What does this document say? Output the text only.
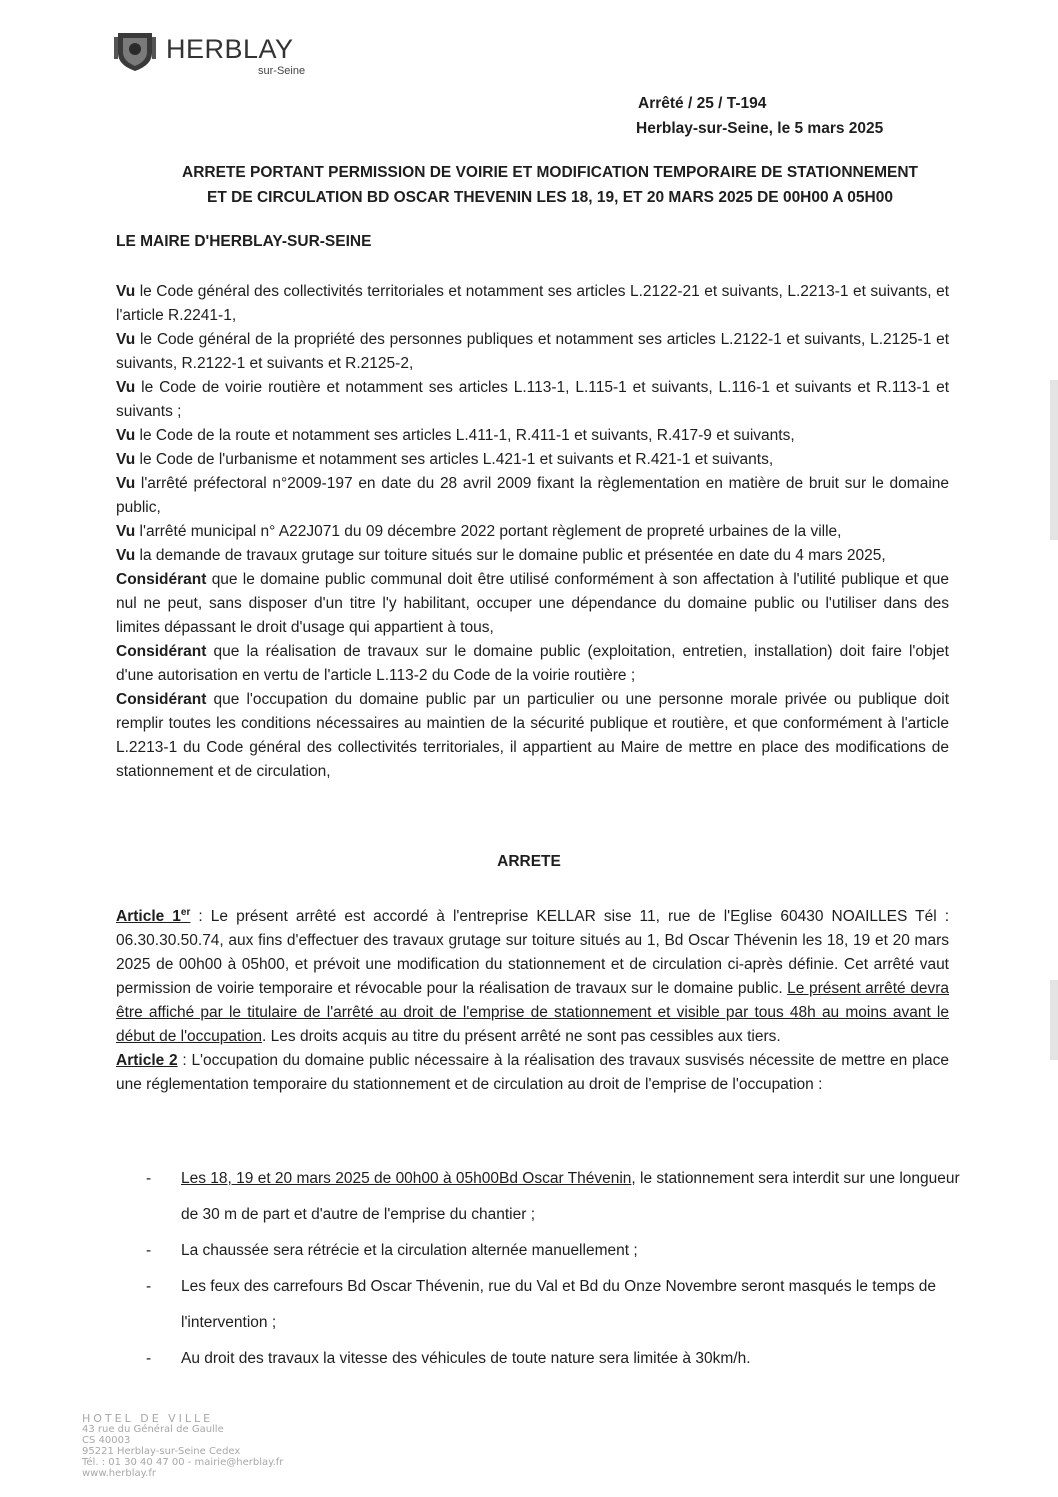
HERBLAY
sur-Seine
Arrêté / 25 / T-194
Herblay-sur-Seine, le 5 mars 2025
ARRETE PORTANT PERMISSION DE VOIRIE ET MODIFICATION TEMPORAIRE DE STATIONNEMENT
ET DE CIRCULATION BD OSCAR THEVENIN LES 18, 19, ET 20 MARS 2025 DE 00H00 A 05H00
LE MAIRE D'HERBLAY-SUR-SEINE

Vu le Code général des collectivités territoriales et notamment ses articles L.2122-21 et suivants, L.2213-1 et suivants, et l'article R.2241-1,

Vu le Code général de la propriété des personnes publiques et notamment ses articles L.2122-1 et suivants, L.2125-1 et suivants, R.2122-1 et suivants et R.2125-2,

Vu le Code de voirie routière et notamment ses articles L.113-1, L.115-1 et suivants, L.116-1 et suivants et R.113-1 et suivants ;

Vu le Code de la route et notamment ses articles L.411-1, R.411-1 et suivants, R.417-9 et suivants,

Vu le Code de l'urbanisme et notamment ses articles L.421-1 et suivants et R.421-1 et suivants,

Vu l'arrêté préfectoral n°2009-197 en date du 28 avril 2009 fixant la règlementation en matière de bruit sur le domaine public,

Vu l'arrêté municipal n° A22J071 du 09 décembre 2022 portant règlement de propreté urbaines de la ville,

Vu la demande de travaux grutage sur toiture situés sur le domaine public et présentée en date du 4 mars 2025,

Considérant que le domaine public communal doit être utilisé conformément à son affectation à l'utilité publique et que nul ne peut, sans disposer d'un titre l'y habilitant, occuper une dépendance du domaine public ou l'utiliser dans des limites dépassant le droit d'usage qui appartient à tous,

Considérant que la réalisation de travaux sur le domaine public (exploitation, entretien, installation) doit faire l'objet d'une autorisation en vertu de l'article L.113-2 du Code de la voirie routière ;

Considérant que l'occupation du domaine public par un particulier ou une personne morale privée ou publique doit remplir toutes les conditions nécessaires au maintien de la sécurité publique et routière, et que conformément à l'article L.2213-1 du Code général des collectivités territoriales, il appartient au Maire de mettre en place des modifications de stationnement et de circulation,

ARRETE

Article 1er : Le présent arrêté est accordé à l'entreprise KELLAR sise 11, rue de l'Eglise 60430 NOAILLES Tél : 06.30.30.50.74, aux fins d'effectuer des travaux grutage sur toiture situés au 1, Bd Oscar Thévenin les 18, 19 et 20 mars 2025 de 00h00 à 05h00, et prévoit une modification du stationnement et de circulation ci-après définie. Cet arrêté vaut permission de voirie temporaire et révocable pour la réalisation de travaux sur le domaine public. Le présent arrêté devra être affiché par le titulaire de l'arrêté au droit de l'emprise de stationnement et visible par tous 48h au moins avant le début de l'occupation. Les droits acquis au titre du présent arrêté ne sont pas cessibles aux tiers.

Article 2 : L'occupation du domaine public nécessaire à la réalisation des travaux susvisés nécessite de mettre en place une réglementation temporaire du stationnement et de circulation au droit de l'emprise de l'occupation :

- Les 18, 19 et 20 mars 2025 de 00h00 à 05h00Bd Oscar Thévenin, le stationnement sera interdit sur une longueur de 30 m de part et d'autre de l'emprise du chantier ;
- La chaussée sera rétrécie et la circulation alternée manuellement ;
- Les feux des carrefours Bd Oscar Thévenin, rue du Val et Bd du Onze Novembre seront masqués le temps de l'intervention ;
- Au droit des travaux la vitesse des véhicules de toute nature sera limitée à 30km/h.
HOTEL DE VILLE
43 rue du Général de Gaulle
CS 40003
95221 Herblay-sur-Seine Cedex
Tél. : 01 30 40 47 00 - mairie@herblay.fr
www.herblay.fr
